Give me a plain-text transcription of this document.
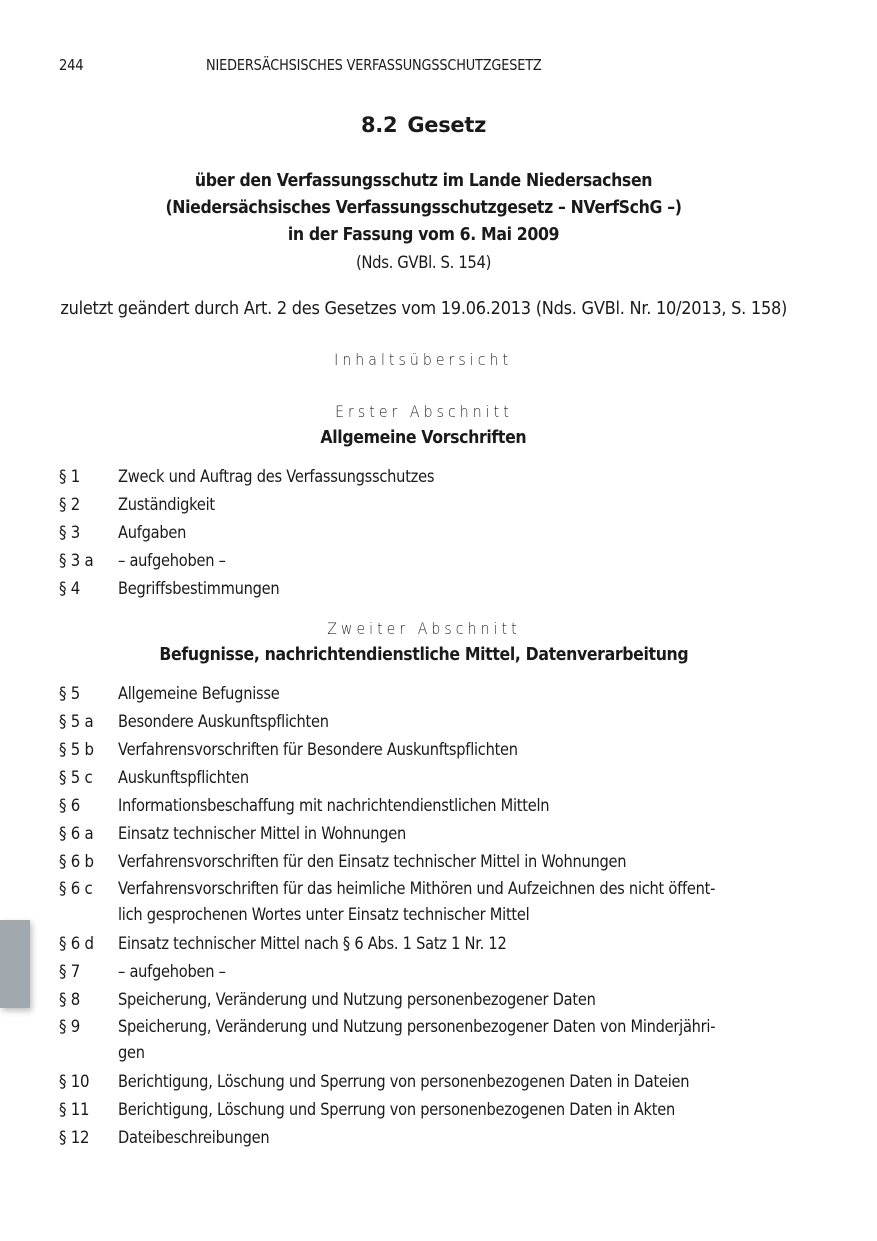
244	NIEDERSÄCHSISCHES VERFASSUNGSSCHUTZGESETZ
8.2 Gesetz
über den Verfassungsschutz im Lande Niedersachsen
(Niedersächsisches Verfassungsschutzgesetz – NVerfSchG –)
in der Fassung vom 6. Mai 2009
(Nds. GVBl. S. 154)
zuletzt geändert durch Art. 2 des Gesetzes vom 19.06.2013 (Nds. GVBl. Nr. 10/2013, S. 158)
Inhaltsübersicht
Erster Abschnitt
Allgemeine Vorschriften
§ 1	Zweck und Auftrag des Verfassungsschutzes
§ 2	Zuständigkeit
§ 3	Aufgaben
§ 3 a	– aufgehoben –
§ 4	Begriffsbestimmungen
Zweiter Abschnitt
Befugnisse, nachrichtendienstliche Mittel, Datenverarbeitung
§ 5	Allgemeine Befugnisse
§ 5 a	Besondere Auskunftspflichten
§ 5 b	Verfahrensvorschriften für Besondere Auskunftspflichten
§ 5 c	Auskunftspflichten
§ 6	Informationsbeschaffung mit nachrichtendienstlichen Mitteln
§ 6 a	Einsatz technischer Mittel in Wohnungen
§ 6 b	Verfahrensvorschriften für den Einsatz technischer Mittel in Wohnungen
§ 6 c	Verfahrensvorschriften für das heimliche Mithören und Aufzeichnen des nicht öffent-
lich gesprochenen Wortes unter Einsatz technischer Mittel
§ 6 d	Einsatz technischer Mittel nach § 6 Abs. 1 Satz 1 Nr. 12
§ 7	– aufgehoben –
§ 8	Speicherung, Veränderung und Nutzung personenbezogener Daten
§ 9	Speicherung, Veränderung und Nutzung personenbezogener Daten von Minderjähri-
gen
§ 10	Berichtigung, Löschung und Sperrung von personenbezogenen Daten in Dateien
§ 11	Berichtigung, Löschung und Sperrung von personenbezogenen Daten in Akten
§ 12	Dateibeschreibungen
